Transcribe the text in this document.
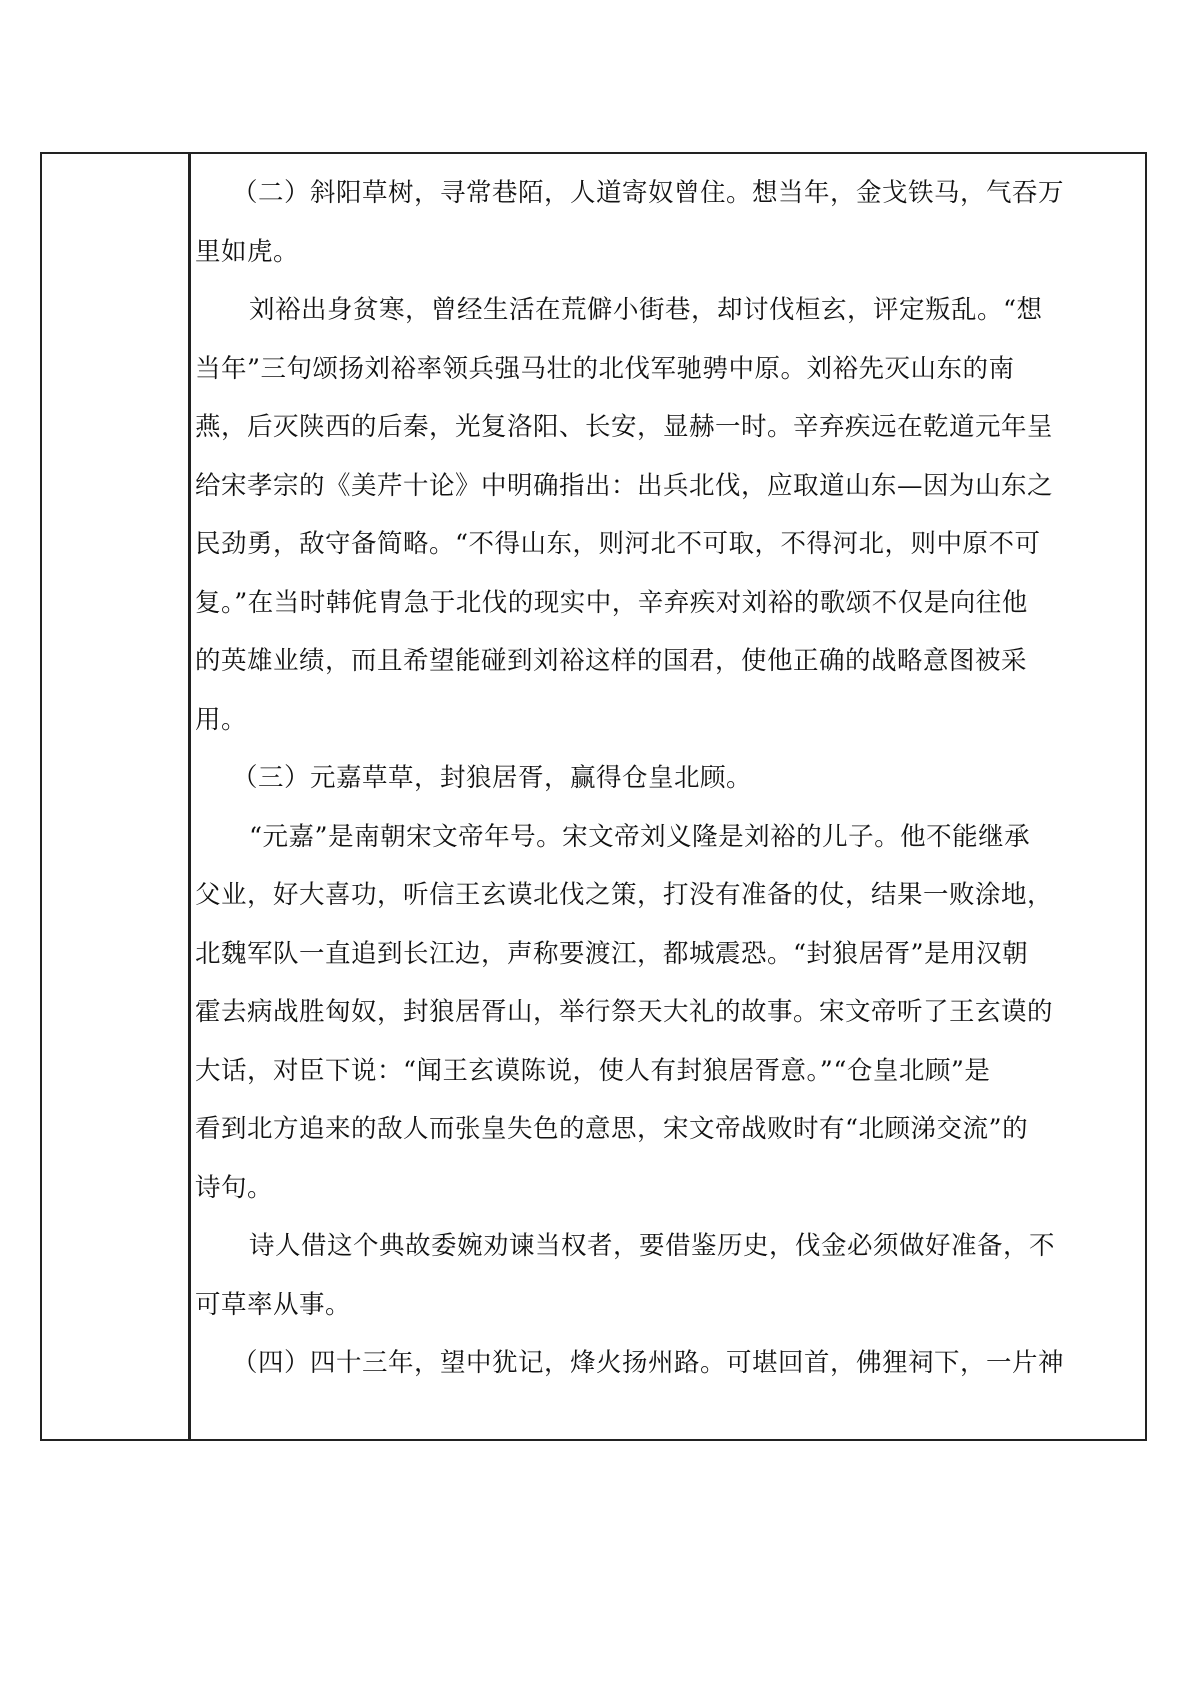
（二）斜阳草树，寻常巷陌，人道寄奴曾住。想当年，金戈铁马，气吞万
里如虎。

刘裕出身贫寒，曾经生活在荒僻小街巷，却讨伐桓玄，评定叛乱。“想
当年”三句颂扬刘裕率领兵强马壮的北伐军驰骋中原。刘裕先灭山东的南
燕，后灭陕西的后秦，光复洛阳、长安，显赫一时。辛弃疾远在乾道元年呈
给宋孝宗的《美芹十论》中明确指出：出兵北伐，应取道山东—因为山东之
民劲勇，敌守备简略。“不得山东，则河北不可取，不得河北，则中原不可
复。”在当时韩侂胄急于北伐的现实中，辛弃疾对刘裕的歌颂不仅是向往他
的英雄业绩，而且希望能碰到刘裕这样的国君，使他正确的战略意图被采
用。

（三）元嘉草草，封狼居胥，赢得仓皇北顾。

“元嘉”是南朝宋文帝年号。宋文帝刘义隆是刘裕的儿子。他不能继承
父业，好大喜功，听信王玄谟北伐之策，打没有准备的仗，结果一败涂地，
北魏军队一直追到长江边，声称要渡江，都城震恐。“封狼居胥”是用汉朝
霍去病战胜匈奴，封狼居胥山，举行祭天大礼的故事。宋文帝听了王玄谟的
大话，对臣下说：“闻王玄谟陈说，使人有封狼居胥意。”“仓皇北顾”是
看到北方追来的敌人而张皇失色的意思，宋文帝战败时有“北顾涕交流”的
诗句。

诗人借这个典故委婉劝谏当权者，要借鉴历史，伐金必须做好准备，不
可草率从事。

（四）四十三年，望中犹记，烽火扬州路。可堪回首，佛狸祠下，一片神
